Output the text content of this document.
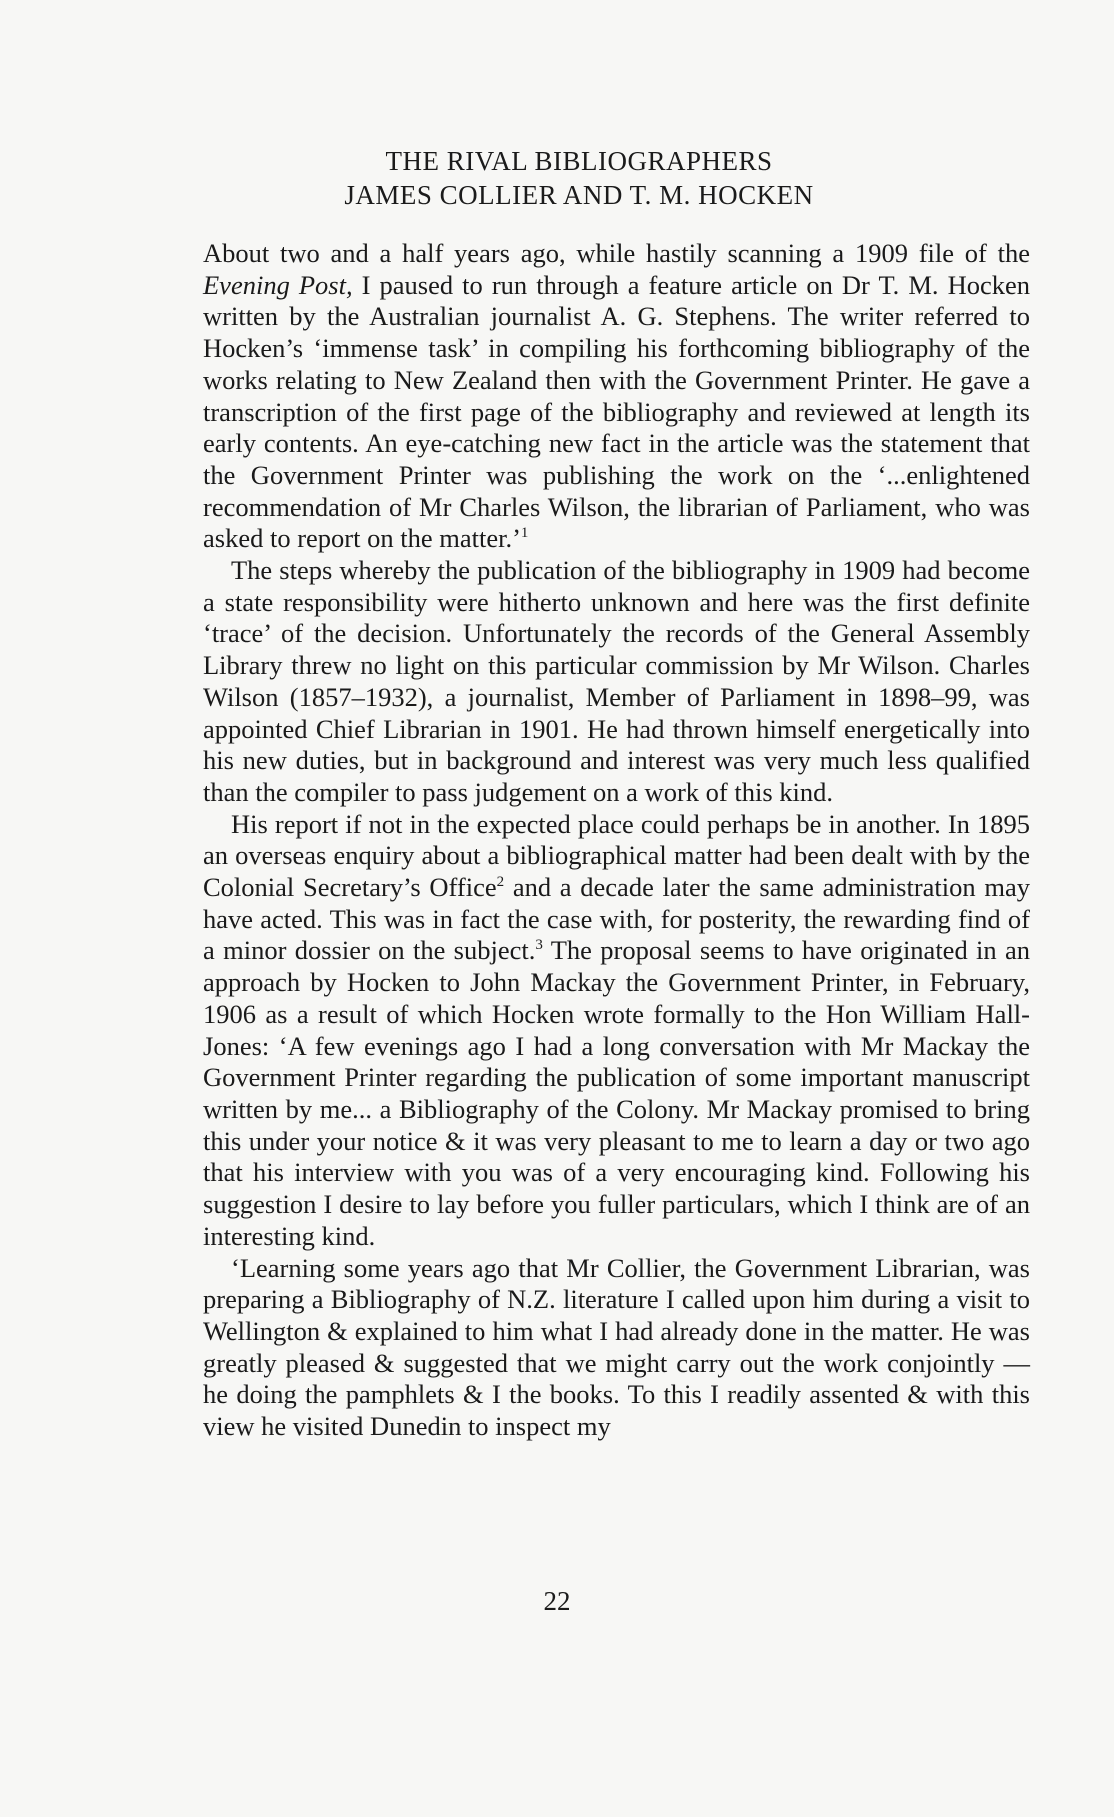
THE RIVAL BIBLIOGRAPHERS
JAMES COLLIER AND T. M. HOCKEN

About two and a half years ago, while hastily scanning a 1909 file of the Evening Post, I paused to run through a feature article on Dr T. M. Hocken written by the Australian journalist A. G. Stephens. The writer referred to Hocken’s ‘immense task’ in compiling his forthcoming bibliography of the works relating to New Zealand then with the Government Printer. He gave a transcription of the first page of the bibliography and reviewed at length its early contents. An eye-catching new fact in the article was the statement that the Government Printer was publishing the work on the ‘...enlightened recommendation of Mr Charles Wilson, the librarian of Parliament, who was asked to report on the matter.’$^1$

The steps whereby the publication of the bibliography in 1909 had become a state responsibility were hitherto unknown and here was the first definite ‘trace’ of the decision. Unfortunately the records of the General Assembly Library threw no light on this particular commission by Mr Wilson. Charles Wilson (1857–1932), a journalist, Member of Parliament in 1898–99, was appointed Chief Librarian in 1901. He had thrown himself energetically into his new duties, but in background and interest was very much less qualified than the compiler to pass judgement on a work of this kind.

His report if not in the expected place could perhaps be in another. In 1895 an overseas enquiry about a bibliographical matter had been dealt with by the Colonial Secretary’s Office$^2$ and a decade later the same administration may have acted. This was in fact the case with, for posterity, the rewarding find of a minor dossier on the subject.$^3$ The proposal seems to have originated in an approach by Hocken to John Mackay the Government Printer, in February, 1906 as a result of which Hocken wrote formally to the Hon William Hall-Jones: ‘A few evenings ago I had a long conversation with Mr Mackay the Government Printer regarding the publication of some important manuscript written by me... a Bibliography of the Colony. Mr Mackay promised to bring this under your notice & it was very pleasant to me to learn a day or two ago that his interview with you was of a very encouraging kind. Following his suggestion I desire to lay before you fuller particulars, which I think are of an interesting kind.

‘Learning some years ago that Mr Collier, the Government Librarian, was preparing a Bibliography of N.Z. literature I called upon him during a visit to Wellington & explained to him what I had already done in the matter. He was greatly pleased & suggested that we might carry out the work conjointly — he doing the pamphlets & I the books. To this I readily assented & with this view he visited Dunedin to inspect my

22
